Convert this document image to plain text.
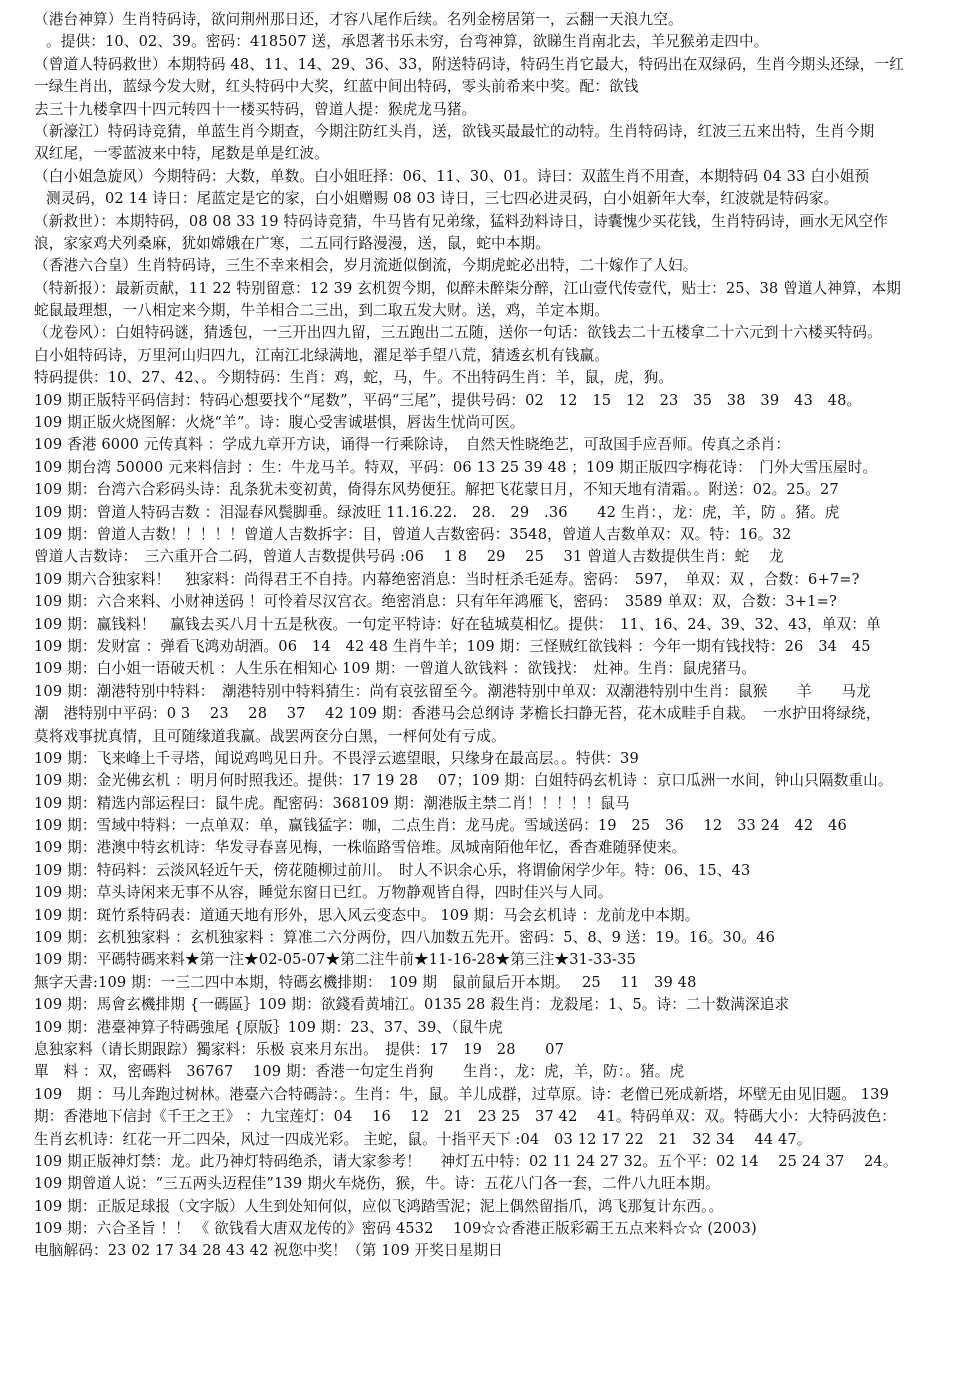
（港台神算）生肖特码诗，欲问荆州那日还，才容八尾作后续。名列金榜居第一，云翻一天浪九空。
。提供：10、02、39。密码：418507 送，承恩著书乐未穷，台弯神算，欲睇生肖南北去，羊兄猴弟走四中。
（曾道人特码救世）本期特码 48、11、14、29、36、33，附送特码诗，特码生肖它最大，特码出在双绿码，生肖今期头还绿，一红
一绿生肖出，蓝绿今发大财，红头特码中大奖，红蓝中间出特码，零头前希来中奖。配：欲钱
去三十九楼拿四十四元转四十一楼买特码，曾道人提：猴虎龙马猪。
（新濠江）特码诗竞猜，单蓝生肖今期查，今期注防红头肖，送，欲钱买最最忙的动特。生肖特码诗，红波三五来出特，生肖今期
双红尾，一零蓝波来中特，尾数是单是红波。
（白小姐急旋风）今期特码：大数，单数。白小姐旺择：06、11、30、01。诗曰：双蓝生肖不用查，本期特码 04 33 白小姐预
测灵码，02 14 诗日：尾蓝定是它的家，白小姐赠赐 08 03 诗日，三七四必进灵码，白小姐新年大奉，红波就是特码家。
（新救世）：本期特码，08 08 33 19 特码诗竞猜，牛马皆有兄弟缘，猛料劲料诗日，诗囊愧少买花钱，生肖特码诗，画水无风空作
浪，家家鸡犬列桑麻，犹如嫦娥在广寒，二五同行路漫漫，送，鼠，蛇中本期。
（香港六合皇）生肖特码诗，三生不幸来相会，岁月流逝似倒流，今期虎蛇必出特，二十嫁作了人妇。
（特新报）：最新贡献，11 22 特别留意：12 39 玄机贺今期，似醉未醉柒分醉，江山壹代传壹代，贴士：25、38 曾道人神算，本期
蛇鼠最理想，一八相定来今期，牛羊相合二三出，到二取五发大财。送，鸡，羊定本期。
（龙卷风）：白姐特码谜，猜透包，一三开出四九留，三五跑出二五随，送你一句话：欲钱去二十五楼拿二十六元到十六楼买特码。
白小姐特码诗，万里河山归四九，江南江北绿满地，濯足举手望八荒，猜透玄机有钱赢。
特码提供：10、27、42、。今期特码：生肖：鸡，蛇，马，牛。不出特码生肖：羊，鼠，虎，狗。
109 期正版特平码信封：特码心想要找个“尾数”，平码“三尾”，提供号码：02　12　15　12　23　35　38　39　43　48。
109 期正版火烧图解：火烧“羊”。诗：腹心受害诚堪惧，唇齿生忧尚可医。
109 香港 6000 元传真料 ：学成九章开方诀，诵得一行乘除诗，　自然天性晓绝艺，可敌国手应吾师。传真之杀肖：
109 期台湾 50000 元来料信封 ：生：牛龙马羊。特双，平码：06 13 25 39 48 ；109 期正版四字梅花诗：　门外大雪压屋时。
109 期：台湾六合彩码头诗：乱条犹未变初黄，倚得东风势便狂。解把飞花蒙日月，不知天地有清霜。。附送：02。25。27
109 期：曾道人特码吉数 ：泪湿春风鬓脚垂。绿波旺 11.16.22.　28.　29　.36　　42 生肖：，龙：虎，羊，防 。猪。虎
109 期：曾道人吉数！！！！！曾道人吉数拆字：目，曾道人吉数密码：3548，曾道人吉数单双：双。特：16。32
曾道人吉数诗：　三六重开合二码，曾道人吉数提供号码 :06　 1 8　 29　 25　 31 曾道人吉数提供生肖：蛇　 龙
109 期六合独家料！　独家料：尚得君王不自持。内幕绝密消息：当时枉杀毛延寿。密码：　597，　单双：双 ，合数：6+7=?
109 期：六合来料、小财神送码 ！可怜着尽汉宫衣。绝密消息：只有年年鸿雁飞，密码：　3589 单双：双，合数：3+1=?
109 期：赢钱料！　赢钱去买八月十五是秋夜。一句定平特诗：好在毡城莫相忆。提供：　11、16、24、39、32、43，单双：单
109 期：发财富 ：弹看飞鸿劝胡酒。06　14　42 48 生肖牛羊；109 期：三怪贼红欲钱料 ：今年一期有钱找特：26　34　45
109 期：白小姐一语破天机 ：人生乐在相知心 109 期：一曾道人欲钱料 ：欲钱找：　灶神。生肖：鼠虎猪马。
109 期：潮港特别中特料：　潮港特别中特料猜生：尚有哀弦留至今。潮港特别中单双：双潮港特别中生肖：鼠猴　　羊　　马龙
潮　港特别中平码：0 3　 23　 28　 37　 42 109 期：香港马会总纲诗 茅檐长扫静无苔，花木成畦手自栽。　一水护田将绿绕，
莫将戏事扰真情，且可随缘道我赢。战罢两奁分白黑，一枰何处有亏成。
109 期：飞来峰上千寻塔，闻说鸡鸣见日升。不畏浮云遮望眼，只缘身在最高层。。特供：39
109 期：金光佛玄机 ：明月何时照我还。提供：17 19 28　 07；109 期：白姐特码玄机诗 ：京口瓜洲一水间，钟山只隔数重山。
109 期：精选内部运程曰：鼠牛虎。配密码：368109 期：潮港版主禁二肖！！！！！鼠马
109 期：雪域中特料：一点单双：单，赢钱猛字：咖，二点生肖：龙马虎。雪域送码：19　25　36　 12　33 24　42　46
109 期：港澳中特玄机诗：华发寻春喜见梅，一株临路雪倍堆。凤城南陌他年忆，香杳难随驿使来。
109 期：特码料：云淡风轻近午天，傍花随柳过前川。　时人不识余心乐，将谓偷闲学少年。特：06、15、43
109 期：草头诗闲来无事不从容，睡觉东窗日已红。万物静观皆自得，四时佳兴与人同。
109 期：斑竹系特码表：道通天地有形外，思入风云变态中。 109 期：马会玄机诗 ：龙前龙中本期。
109 期：玄机独家料 ：玄机独家料 ：算准二六分两份，四八加数五先开。密码：5、8、9 送：19。16。30。46
109 期：平碼特碼来料★第一注★02-05-07★第二注牛前★11-16-28★第三注★31-33-35
無字天書:109 期：一三二四中本期，特碼玄機排期：　109 期　鼠前鼠后开本期。　 25　 11　39 48
109 期：馬會玄機排期 {一碼區｝109 期：欲錢看黄埔江。0135 28 殺生肖：龙殺尾：1、5。诗：二十数满深追求
109 期：港臺神算子特碼強尾 {原版｝109 期：23、37、39、（鼠牛虎
息独家料（请长期跟踪）獨家料：乐极 哀来月东出。　提供：17　19　28　　07
單　料 ：双，密碼料　36767　 109 期：香港一句定生肖狗　　生肖：，龙：虎，羊，防：。猪。虎
109　期 ：马儿奔跑过树林。港臺六合特碼詩：。生肖：牛，鼠。羊儿成群，过草原。诗：老僧已死成新塔，坏壁无由见旧题。 139
期：香港地下信封《千王之王》 ：九宝莲灯：04　 16　 12　21　23 25　37 42　 41。特码单双：双。特碼大小：大特码波色：
生肖玄机诗：红花一开二四朵，风过一四成光彩。 主蛇，鼠。十指平天下 :04　03 12 17 22　21　32 34　 44 47。
109 期正版神灯禁：龙。此乃神灯特码绝杀，请大家参考！　 神灯五中特：02 11 24 27 32。五个平：02 14　 25 24 37　 24。
109 期曾道人说：“三五两头迈程佳”139 期火车烧伤，猴，牛。诗：五花八门各一套，二件八九旺本期。
109 期：正版足球报（文字版）人生到处知何似，应似飞鸿踏雪泥；泥上偶然留指爪，鸿飞那复计东西。。
109 期：六合圣旨 ！！ 《 欲钱看大唐双龙传的》密码 4532　 109☆☆香港正版彩霸王五点来料☆☆ (2003)
电脑解码：23 02 17 34 28 43 42 祝您中奖！（第 109 开奖日星期日
